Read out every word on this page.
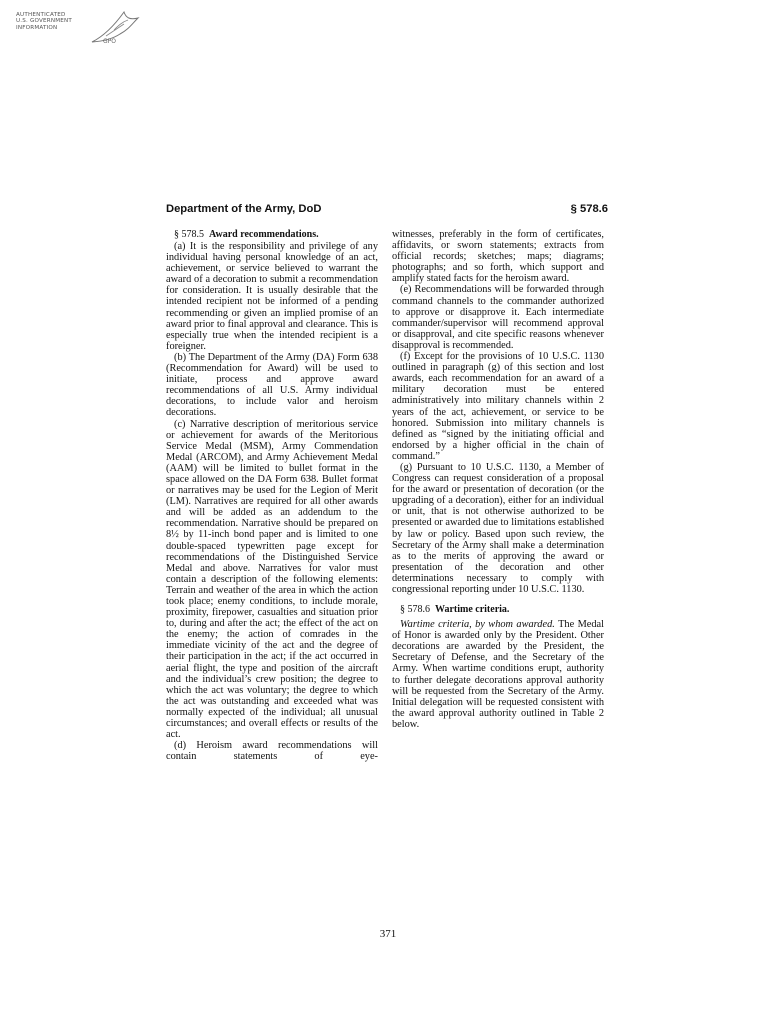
AUTHENTICATED
U.S. GOVERNMENT
INFORMATION
GPO
Department of the Army, DoD	§ 578.6

§ 578.5 Award recommendations.

(a) It is the responsibility and privilege of any individual having personal knowledge of an act, achievement, or service believed to warrant the award of a decoration to submit a recommendation for consideration. It is usually desirable that the intended recipient not be informed of a pending recommending or given an implied promise of an award prior to final approval and clearance. This is especially true when the intended recipient is a foreigner.

(b) The Department of the Army (DA) Form 638 (Recommendation for Award) will be used to initiate, process and approve award recommendations of all U.S. Army individual decorations, to include valor and heroism decorations.

(c) Narrative description of meritorious service or achievement for awards of the Meritorious Service Medal (MSM), Army Commendation Medal (ARCOM), and Army Achievement Medal (AAM) will be limited to bullet format in the space allowed on the DA Form 638. Bullet format or narratives may be used for the Legion of Merit (LM). Narratives are required for all other awards and will be added as an addendum to the recommendation. Narrative should be prepared on 8½ by 11-inch bond paper and is limited to one double-spaced typewritten page except for recommendations of the Distinguished Service Medal and above. Narratives for valor must contain a description of the following elements: Terrain and weather of the area in which the action took place; enemy conditions, to include morale, proximity, firepower, casualties and situation prior to, during and after the act; the effect of the act on the enemy; the action of comrades in the immediate vicinity of the act and the degree of their participation in the act; if the act occurred in aerial flight, the type and position of the aircraft and the individual’s crew position; the degree to which the act was voluntary; the degree to which the act was outstanding and exceeded what was normally expected of the individual; all unusual circumstances; and overall effects or results of the act.

(d) Heroism award recommendations will contain statements of eye-

witnesses, preferably in the form of certificates, affidavits, or sworn statements; extracts from official records; sketches; maps; diagrams; photographs; and so forth, which support and amplify stated facts for the heroism award.

(e) Recommendations will be forwarded through command channels to the commander authorized to approve or disapprove it. Each intermediate commander/supervisor will recommend approval or disapproval, and cite specific reasons whenever disapproval is recommended.

(f) Except for the provisions of 10 U.S.C. 1130 outlined in paragraph (g) of this section and lost awards, each recommendation for an award of a military decoration must be entered administratively into military channels within 2 years of the act, achievement, or service to be honored. Submission into military channels is defined as “signed by the initiating official and endorsed by a higher official in the chain of command.”

(g) Pursuant to 10 U.S.C. 1130, a Member of Congress can request consideration of a proposal for the award or presentation of decoration (or the upgrading of a decoration), either for an individual or unit, that is not otherwise authorized to be presented or awarded due to limitations established by law or policy. Based upon such review, the Secretary of the Army shall make a determination as to the merits of approving the award or presentation of the decoration and other determinations necessary to comply with congressional reporting under 10 U.S.C. 1130.

§ 578.6 Wartime criteria.

Wartime criteria, by whom awarded. The Medal of Honor is awarded only by the President. Other decorations are awarded by the President, the Secretary of Defense, and the Secretary of the Army. When wartime conditions erupt, authority to further delegate decorations approval authority will be requested from the Secretary of the Army. Initial delegation will be requested consistent with the award approval authority outlined in Table 2 below.

371
